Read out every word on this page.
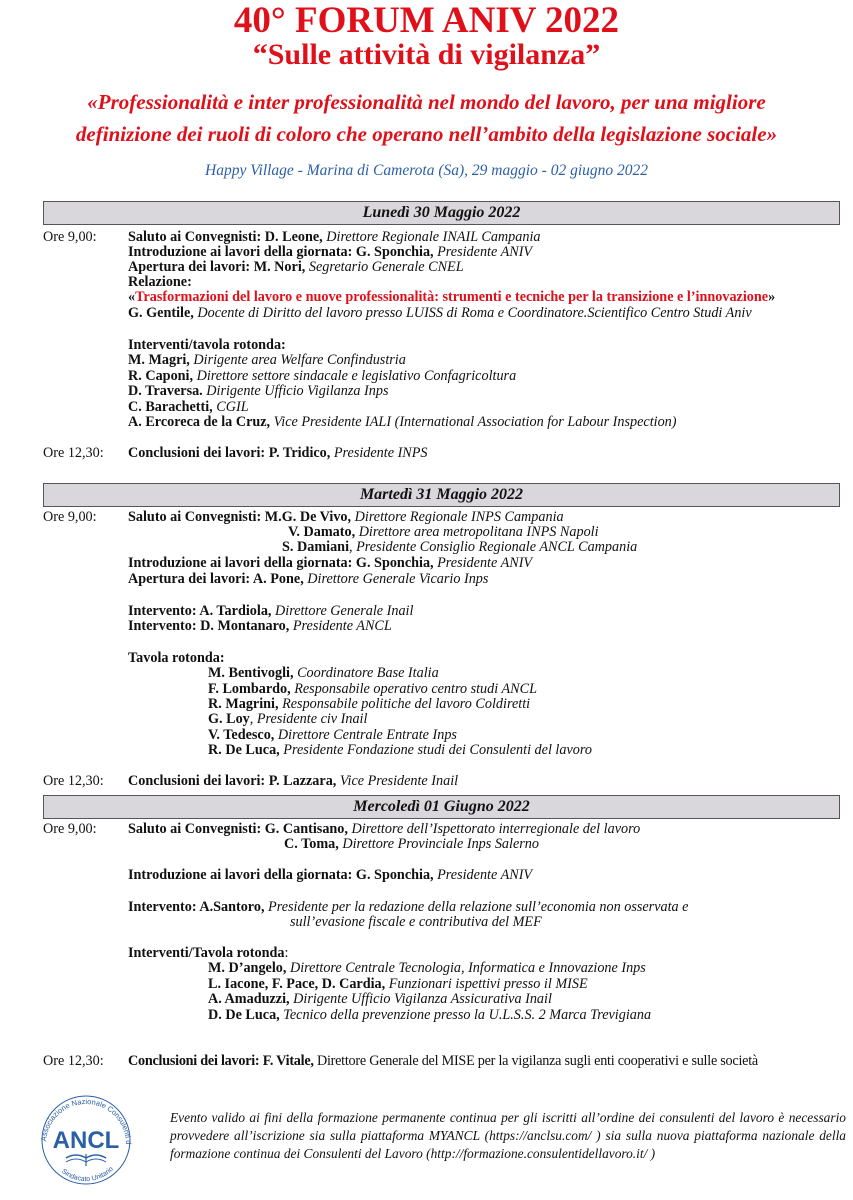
40° FORUM ANIV 2022
“Sulle attività di vigilanza”
«Professionalità e inter professionalità nel mondo del lavoro, per una migliore
definizione dei ruoli di coloro che operano nell’ambito della legislazione sociale»
Happy Village - Marina di Camerota (Sa), 29 maggio - 02 giugno 2022
Lunedì 30 Maggio 2022
Ore 9,00: Saluto ai Convegnisti: D. Leone, Direttore Regionale INAIL Campania
Introduzione ai lavori della giornata: G. Sponchia, Presidente ANIV
Apertura dei lavori: M. Nori, Segretario Generale CNEL
Relazione:
«Trasformazioni del lavoro e nuove professionalità: strumenti e tecniche per la transizione e l’innovazione»
G. Gentile, Docente di Diritto del lavoro presso LUISS di Roma e Coordinatore.Scientifico Centro Studi Aniv
Interventi/tavola rotonda:
M. Magri, Dirigente area Welfare Confindustria
R. Caponi, Direttore settore sindacale e legislativo Confagricoltura
D. Traversa. Dirigente Ufficio Vigilanza Inps
C. Barachetti, CGIL
A. Ercoreca de la Cruz, Vice Presidente IALI (International Association for Labour Inspection)
Ore 12,30: Conclusioni dei lavori: P. Tridico, Presidente INPS
Martedì 31 Maggio 2022
Ore 9,00: Saluto ai Convegnisti: M.G. De Vivo, Direttore Regionale INPS Campania
V. Damato, Direttore area metropolitana INPS Napoli
S. Damiani, Presidente Consiglio Regionale ANCL Campania
Introduzione ai lavori della giornata: G. Sponchia, Presidente ANIV
Apertura dei lavori: A. Pone, Direttore Generale Vicario Inps
Intervento: A. Tardiola, Direttore Generale Inail
Intervento: D. Montanaro, Presidente ANCL
Tavola rotonda:
M. Bentivogli, Coordinatore Base Italia
F. Lombardo, Responsabile operativo centro studi ANCL
R. Magrini, Responsabile politiche del lavoro Coldiretti
G. Loy, Presidente civ Inail
V. Tedesco, Direttore Centrale Entrate Inps
R. De Luca, Presidente Fondazione studi dei Consulenti del lavoro
Ore 12,30: Conclusioni dei lavori: P. Lazzara, Vice Presidente Inail
Mercoledì 01 Giugno 2022
Ore 9,00: Saluto ai Convegnisti: G. Cantisano, Direttore dell’Ispettorato interregionale del lavoro
C. Toma, Direttore Provinciale Inps Salerno
Introduzione ai lavori della giornata: G. Sponchia, Presidente ANIV
Intervento: A.Santoro, Presidente per la redazione della relazione sull’economia non osservata e
sull’evasione fiscale e contributiva del MEF
Interventi/Tavola rotonda:
M. D’angelo, Direttore Centrale Tecnologia, Informatica e Innovazione Inps
L. Iacone, F. Pace, D. Cardia, Funzionari ispettivi presso il MISE
A. Amaduzzi, Dirigente Ufficio Vigilanza Assicurativa Inail
D. De Luca, Tecnico della prevenzione presso la U.L.S.S. 2 Marca Trevigiana
Ore 12,30: Conclusioni dei lavori: F. Vitale, Direttore Generale del MISE per la vigilanza sugli enti cooperativi e sulle società
Associazione Nazionale Consulenti d
Sindacato Unitario
ANCL
Evento valido ai fini della formazione permanente continua per gli iscritti all’ordine dei consulenti del lavoro è necessario provvedere all’iscrizione sia sulla piattaforma MYANCL (https://anclsu.com/ ) sia sulla nuova piattaforma nazionale della formazione continua dei Consulenti del Lavoro (http://formazione.consulentidellavoro.it/ )
